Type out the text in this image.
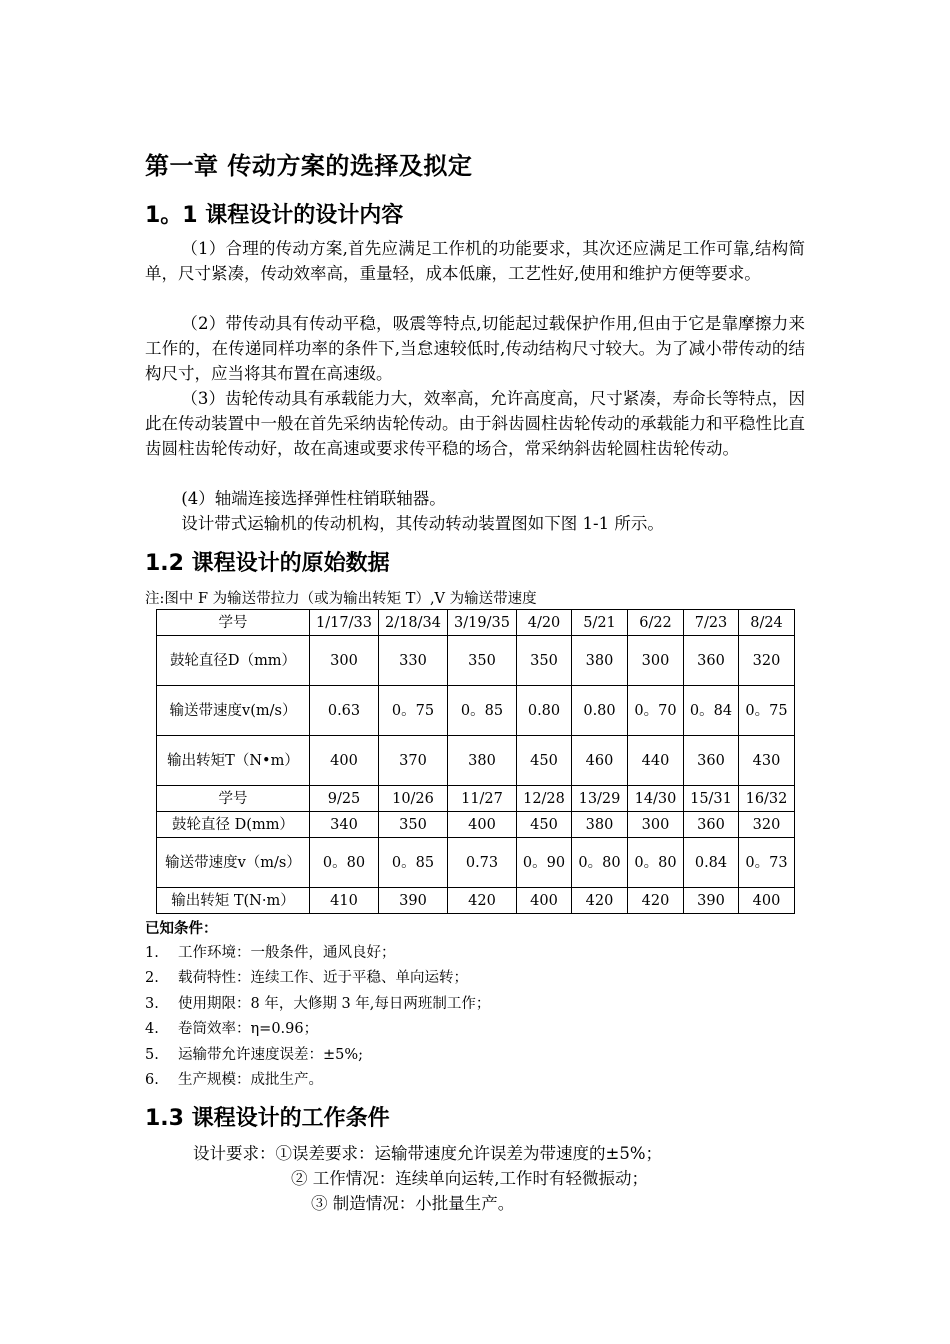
第一章 传动方案的选择及拟定
1。1 课程设计的设计内容
（1）合理的传动方案,首先应满足工作机的功能要求，其次还应满足工作可靠,结构简单，尺寸紧凑，传动效率高，重量轻，成本低廉，工艺性好,使用和维护方便等要求。
（2）带传动具有传动平稳，吸震等特点,切能起过载保护作用,但由于它是靠摩擦力来工作的，在传递同样功率的条件下,当怠速较低时,传动结构尺寸较大。为了减小带传动的结构尺寸，应当将其布置在高速级。
（3）齿轮传动具有承载能力大，效率高，允许高度高，尺寸紧凑，寿命长等特点，因此在传动装置中一般在首先采纳齿轮传动。由于斜齿圆柱齿轮传动的承载能力和平稳性比直齿圆柱齿轮传动好，故在高速或要求传平稳的场合，常采纳斜齿轮圆柱齿轮传动。
(4）轴端连接选择弹性柱销联轴器。
设计带式运输机的传动机构，其传动转动装置图如下图 1-1 所示。
1.2 课程设计的原始数据
注:图中 F 为输送带拉力（或为输出转矩 T）,V 为输送带速度
学号	1/17/33	2/18/34	3/19/35	4/20	5/21	6/22	7/23	8/24
鼓轮直径D（mm）	300	330	350	350	380	300	360	320
输送带速度v(m/s）	0.63	0。75	0。85	0.80	0.80	0。70	0。84	0。75
输出转矩T（N•m）	400	370	380	450	460	440	360	430
学号	9/25	10/26	11/27	12/28	13/29	14/30	15/31	16/32
鼓轮直径 D(mm）	340	350	400	450	380	300	360	320
输送带速度v（m/s）	0。80	0。85	0.73	0。90	0。80	0。80	0.84	0。73
输出转矩 T(N·m）	410	390	420	400	420	420	390	400
已知条件：
1. 工作环境：一般条件，通风良好；
2. 载荷特性：连续工作、近于平稳、单向运转；
3. 使用期限：8 年，大修期 3 年,每日两班制工作；
4. 卷筒效率：η=0.96；
5. 运输带允许速度误差：±5%;
6. 生产规模：成批生产。
1.3 课程设计的工作条件
设计要求：①误差要求：运输带速度允许误差为带速度的±5%；
② 工作情况：连续单向运转,工作时有轻微振动；
③ 制造情况：小批量生产。
